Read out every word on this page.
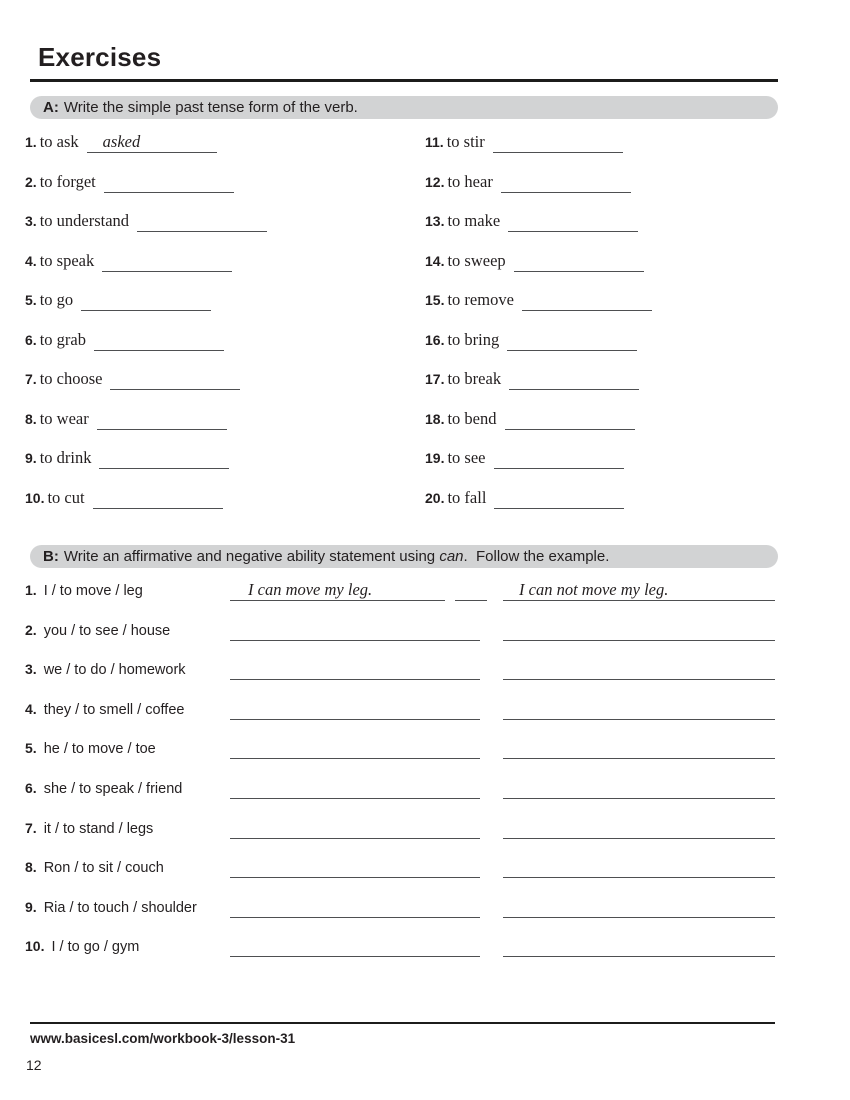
Exercises
A: Write the simple past tense form of the verb.
1. to ask asked ​
2. to forget​
3. to understand​
4. to speak​
5. to go​
6. to grab​
7. to choose​
8. to wear​
9. to drink​
10. to cut​
11. to stir​
12. to hear​
13. to make​
14. to sweep​
15. to remove​
16. to bring​
17. to break​
18. to bend​
19. to see​
20. to fall​
B: Write an affirmative and negative ability statement using can.  Follow the example.
1. I / to move / leg	I can move my leg. ​ ​	I can not move my leg. ​
2. you / to see / house
​
​
3. we / to do / homework
​
​
4. they / to smell / coffee
​
​
5. he / to move / toe
​
​
6. she / to speak / friend
​
​
7. it / to stand / legs
​
​
8. Ron / to sit / couch
​
​
9. Ria / to touch / shoulder
​
​
10. I / to go / gym
​
​
www.basicesl.com/workbook-3/lesson-31
12
